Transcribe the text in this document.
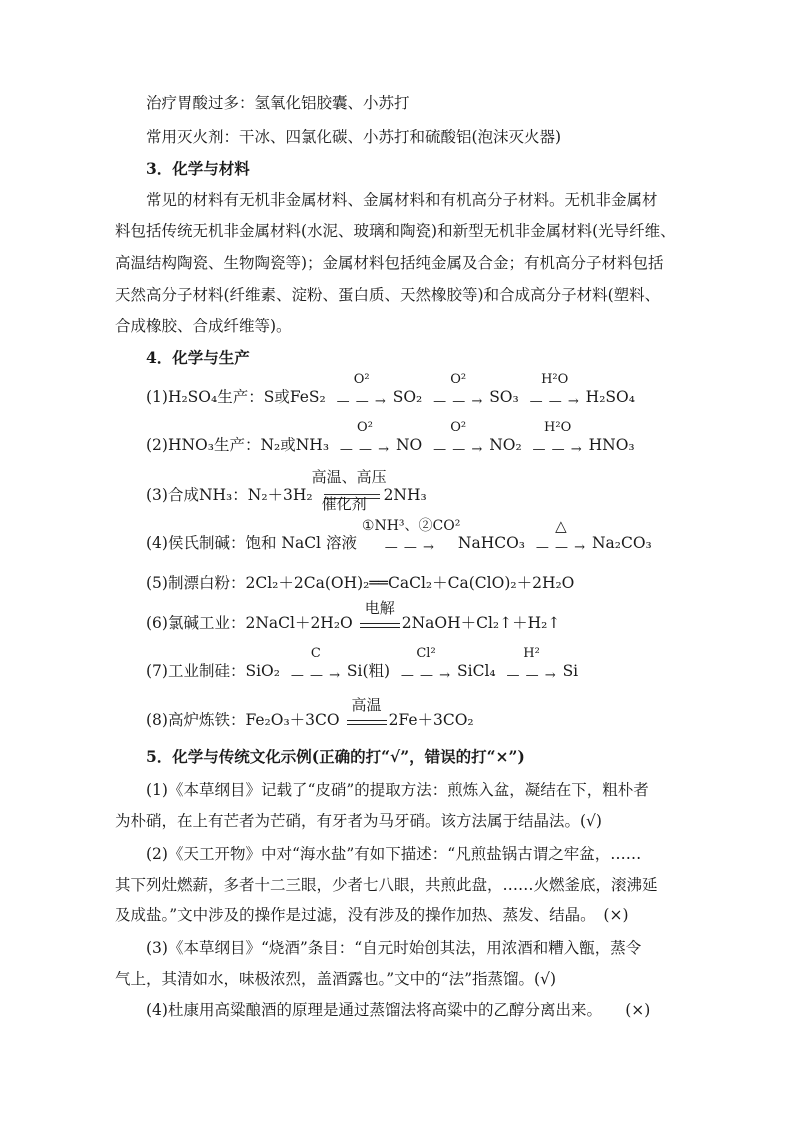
治疗胃酸过多：氢氧化铝胶囊、小苏打
常用灭火剂：干冰、四氯化碳、小苏打和硫酸铝(泡沫灭火器)
3．化学与材料
常见的材料有无机非金属材料、金属材料和有机高分子材料。无机非金属材
料包括传统无机非金属材料(水泥、玻璃和陶瓷)和新型无机非金属材料(光导纤维、
高温结构陶瓷、生物陶瓷等)；金属材料包括纯金属及合金；有机高分子材料包括
天然高分子材料(纤维素、淀粉、蛋白质、天然橡胶等)和合成高分子材料(塑料、
合成橡胶、合成纤维等)。
4．化学与生产
(1)H₂SO₄生产：S或FeS₂
O²
— — → SO₂
O²
— — → SO₃
H²O
— — → H₂SO₄
(2)HNO₃生产：N₂或NH₃
O²
— — → NO
O²
— — → NO₂
H²O
— — → HNO₃
(3)合成NH₃：N₂＋3H₂
高温、高压
催化剂 2NH₃
(4)侯氏制碱：饱和 NaCl 溶液
①NH³、②CO²
— — →	NaHCO₃
△
— — → Na₂CO₃
(5)制漂白粉：2Cl₂＋2Ca(OH)₂══CaCl₂＋Ca(ClO)₂＋2H₂O
(6)氯碱工业：2NaCl＋2H₂O
电解
2NaOH＋Cl₂↑＋H₂↑
(7)工业制硅：SiO₂
C
— — → Si(粗)
Cl²
— — → SiCl₄
H²
— — → Si
(8)高炉炼铁：Fe₂O₃＋3CO
高温
2Fe＋3CO₂
5．化学与传统文化示例(正确的打“√”，错误的打“×”)
(1)《本草纲目》记载了“皮硝”的提取方法：煎炼入盆，凝结在下，粗朴者
为朴硝，在上有芒者为芒硝，有牙者为马牙硝。该方法属于结晶法。(√)
(2)《天工开物》中对“海水盐”有如下描述：“凡煎盐锅古谓之牢盆，……
其下列灶燃薪，多者十二三眼，少者七八眼，共煎此盘，……火燃釜底，滚沸延
及成盐。”文中涉及的操作是过滤，没有涉及的操作加热、蒸发、结晶。　(×)
(3)《本草纲目》“烧酒”条目：“自元时始创其法，用浓酒和糟入甑，蒸令
气上，其清如水，味极浓烈，盖酒露也。”文中的“法”指蒸馏。(√)
(4)杜康用高粱酿酒的原理是通过蒸馏法将高粱中的乙醇分离出来。　　(×)
